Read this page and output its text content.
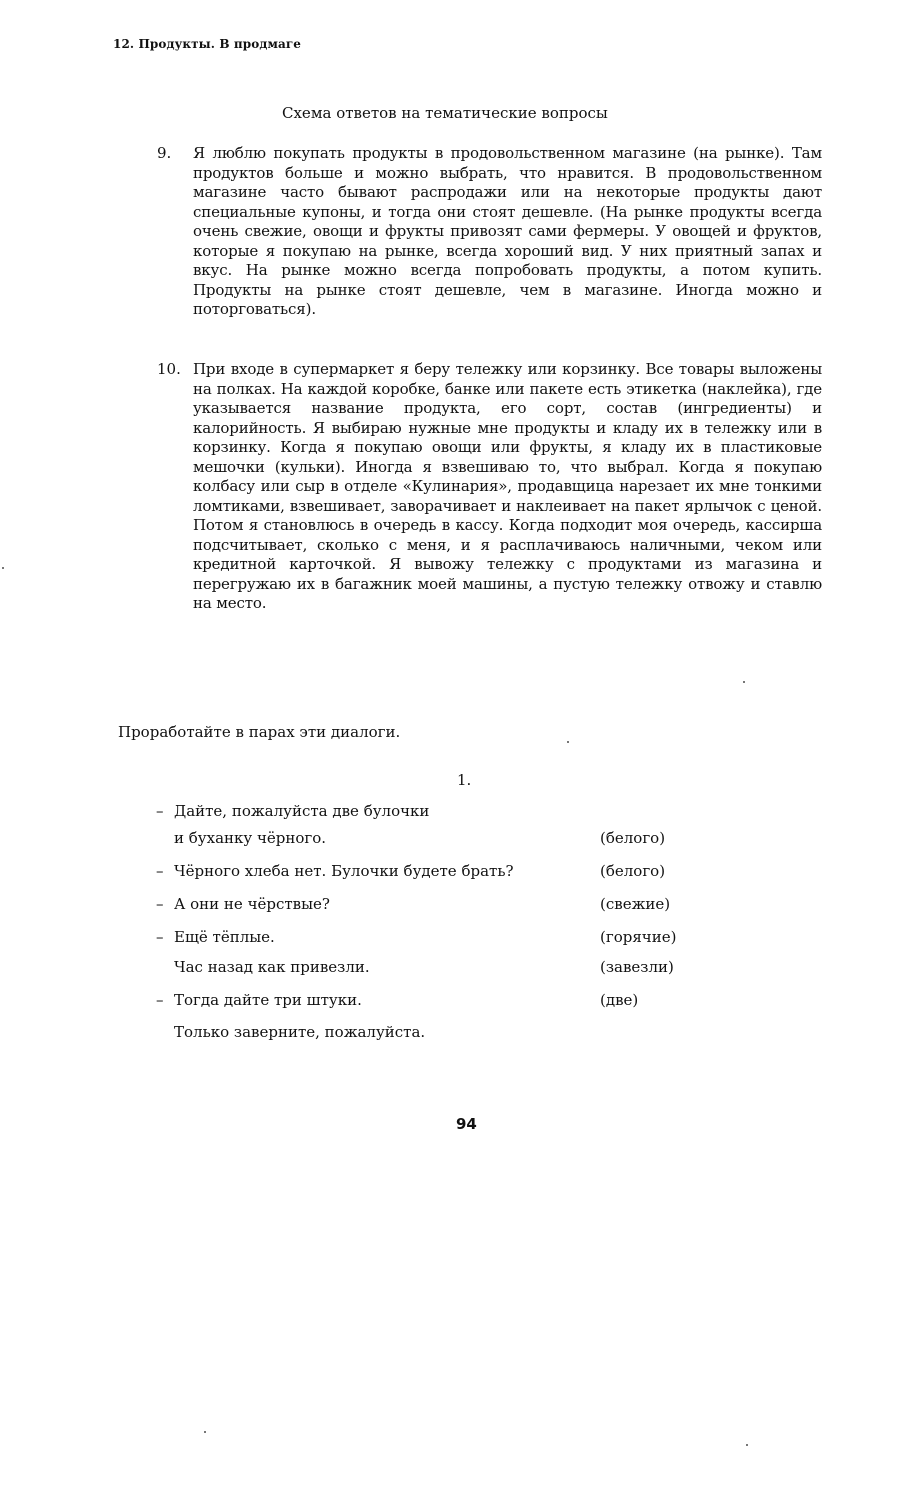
12. Продукты. В продмаге
Схема ответов на тематические вопросы
9. Я люблю покупать продукты в продовольственном магазине (на рынке). Там продуктов больше и можно выбрать, что нравится. В продовольственном магазине часто бывают распродажи или на некоторые продукты дают специальные купоны, и тогда они стоят дешевле. (На рынке продукты всегда очень свежие, овощи и фрукты привозят сами фермеры. У овощей и фруктов, которые я покупаю на рынке, всегда хороший вид. У них приятный запах и вкус. На рынке можно всегда попробовать продукты, а потом купить. Продукты на рынке стоят дешевле, чем в магазине. Иногда можно и поторговаться).
10. При входе в супермаркет я беру тележку или корзинку. Все товары выложены на полках. На каждой коробке, банке или пакете есть этикетка (наклейка), где указывается название продукта, его сорт, состав (ингредиенты) и калорийность. Я выбираю нужные мне продукты и кладу их в тележку или в корзинку. Когда я покупаю овощи или фрукты, я кладу их в пластиковые мешочки (кульки). Иногда я взвешиваю то, что выбрал. Когда я покупаю колбасу или сыр в отделе «Кулинария», продавщица нарезает их мне тонкими ломтиками, взвешивает, заворачивает и наклеивает на пакет ярлычок с ценой. Потом я становлюсь в очередь в кассу. Когда подходит моя очередь, кассирша подсчитывает, сколько с меня, и я расплачиваюсь наличными, чеком или кредитной карточкой. Я вывожу тележку с продуктами из магазина и перегружаю их в багажник моей машины, а пустую тележку отвожу и ставлю на место.
Проработайте в парах эти диалоги.
1.
– Дайте, пожалуйста две булочки
и буханку чёрного.	(белого)
– Чёрного хлеба нет. Булочки будете брать?	(белого)
– А они не чёрствые?	(свежие)
– Ещё тёплые.	(горячие)
Час назад как привезли.	(завезли)
– Тогда дайте три штуки.	(две)
Только заверните, пожалуйста.
94
